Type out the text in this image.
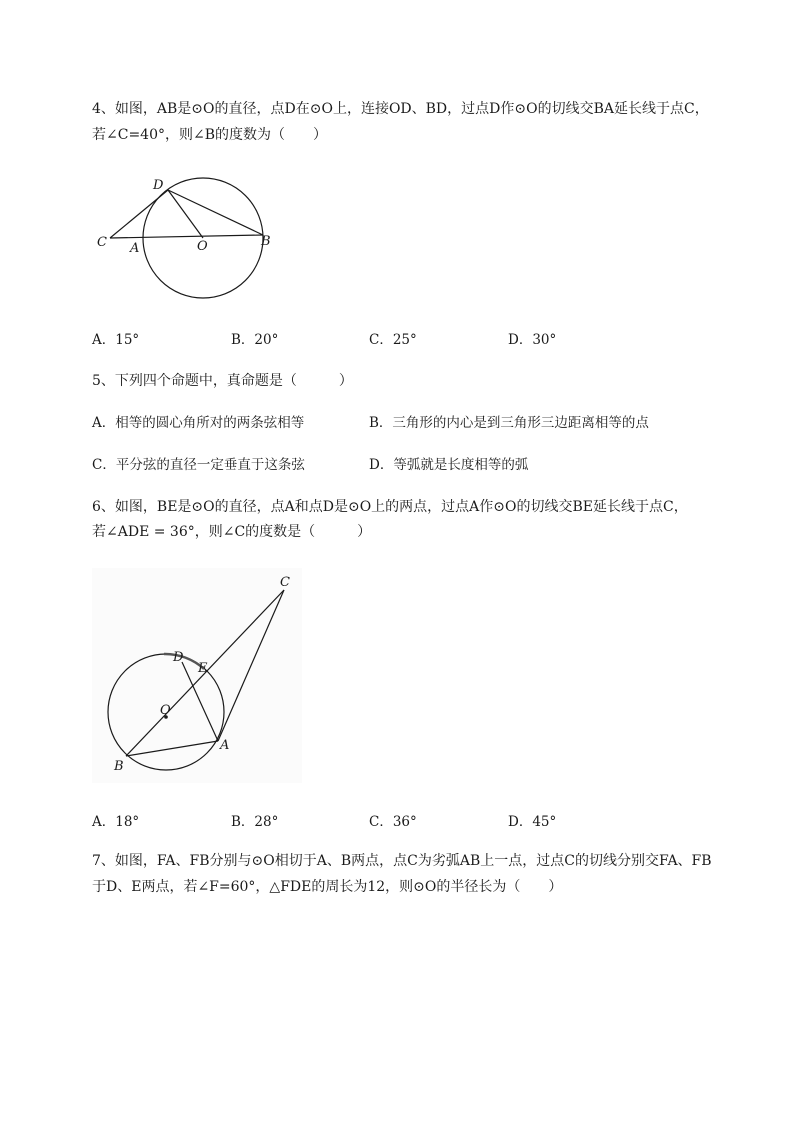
4、如图，AB是⊙O的直径，点D在⊙O上，连接OD、BD，过点D作⊙O的切线交BA延长线于点C，
若∠C=40°，则∠B的度数为（　　）
D
C A	O	B
A．15°	B．20°	C．25°	D．30°
5、下列四个命题中，真命题是（　　　）
A．相等的圆心角所对的两条弦相等	B．三角形的内心是到三角形三边距离相等的点
C．平分弦的直径一定垂直于这条弦	D．等弧就是长度相等的弧
6、如图，BE是⊙O的直径，点A和点D是⊙O上的两点，过点A作⊙O的切线交BE延长线于点C，
若∠ADE = 36°，则∠C的度数是（　　　）
C
D
E
O
A
B
A．18°	B．28°	C．36°	D．45°
7、如图，FA、FB分别与⊙O相切于A、B两点，点C为劣弧AB上一点，过点C的切线分别交FA、FB
于D、E两点，若∠F=60°，△FDE的周长为12，则⊙O的半径长为（　　）
